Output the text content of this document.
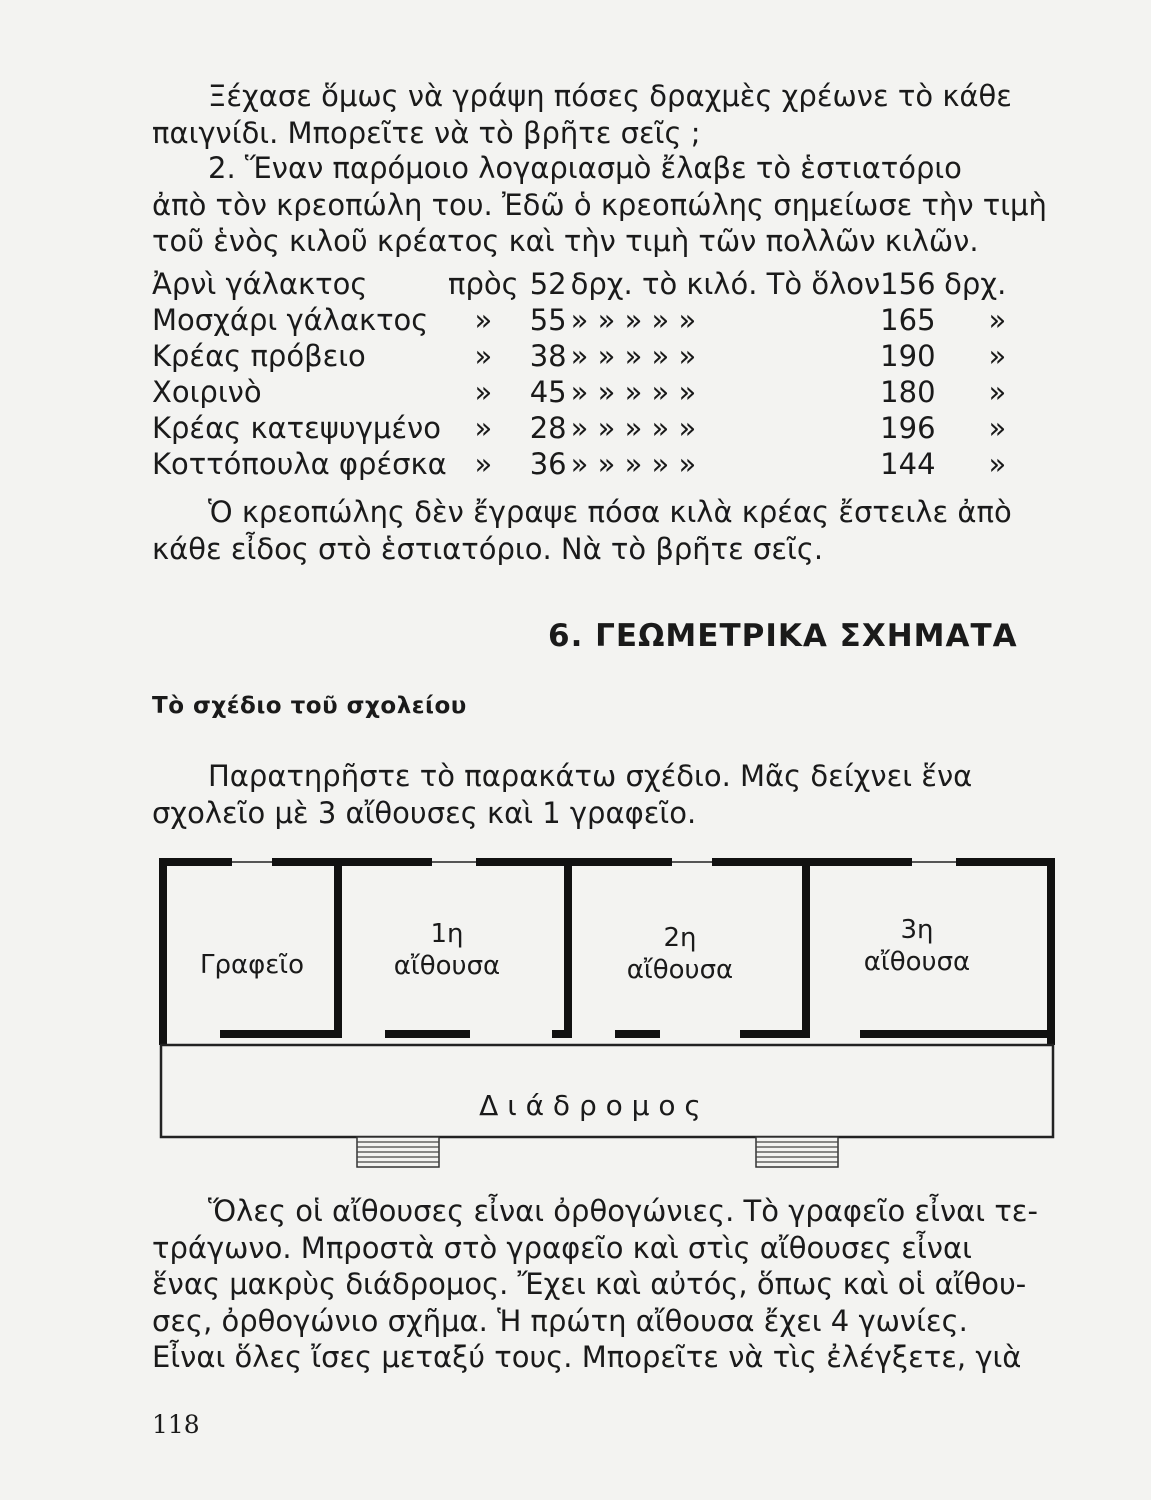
Ξέχασε ὅμως νὰ γράψη πόσες δραχμὲς χρέωνε τὸ κάθε
παιγνίδι. Μπορεῖτε νὰ τὸ βρῆτε σεῖς ;
2. Ἕναν παρόμοιο λογαριασμὸ ἔλαβε τὸ ἑστιατόριο
ἀπὸ τὸν κρεοπώλη του. Ἐδῶ ὁ κρεοπώλης σημείωσε τὴν τιμὴ
τοῦ ἑνὸς κιλοῦ κρέατος καὶ τὴν τιμὴ τῶν πολλῶν κιλῶν.
Ἀρνὶ γάλακτος	πρὸς	52	δρχ. τὸ κιλό. Τὸ ὅλον	156	δρχ.
Μοσχάρι γάλακτος	»	55	» » » » »	165	»
Κρέας πρόβειο	»	38	» » » » »	190	»
Χοιρινὸ	»	45	» » » » »	180	»
Κρέας κατεψυγμένο	»	28	» » » » »	196	»
Κοττόπουλα φρέσκα	»	36	» » » » »	144	»
Ὁ κρεοπώλης δὲν ἔγραψε πόσα κιλὰ κρέας ἔστειλε ἀπὸ
κάθε εἶδος στὸ ἑστιατόριο. Νὰ τὸ βρῆτε σεῖς.
6. ΓΕΩΜΕΤΡΙΚΑ ΣΧΗΜΑΤΑ
Τὸ σχέδιο τοῦ σχολείου
Παρατηρῆστε τὸ παρακάτω σχέδιο. Μᾶς δείχνει ἕνα
σχολεῖο μὲ 3 αἴθουσες καὶ 1 γραφεῖο.
Γραφεῖο
1η
αἴθουσα
2η
αἴθουσα
3η
αἴθουσα
Δ ι ά δ ρ ο μ ο ς
Ὅλες οἱ αἴθουσες εἶναι ὀρθογώνιες. Τὸ γραφεῖο εἶναι τε-
τράγωνο. Μπροστὰ στὸ γραφεῖο καὶ στὶς αἴθουσες εἶναι
ἕνας μακρὺς διάδρομος. Ἔχει καὶ αὐτός, ὅπως καὶ οἱ αἴθου-
σες, ὀρθογώνιο σχῆμα. Ἡ πρώτη αἴθουσα ἔχει 4 γωνίες.
Εἶναι ὅλες ἴσες μεταξύ τους. Μπορεῖτε νὰ τὶς ἐλέγξετε, γιὰ
118
